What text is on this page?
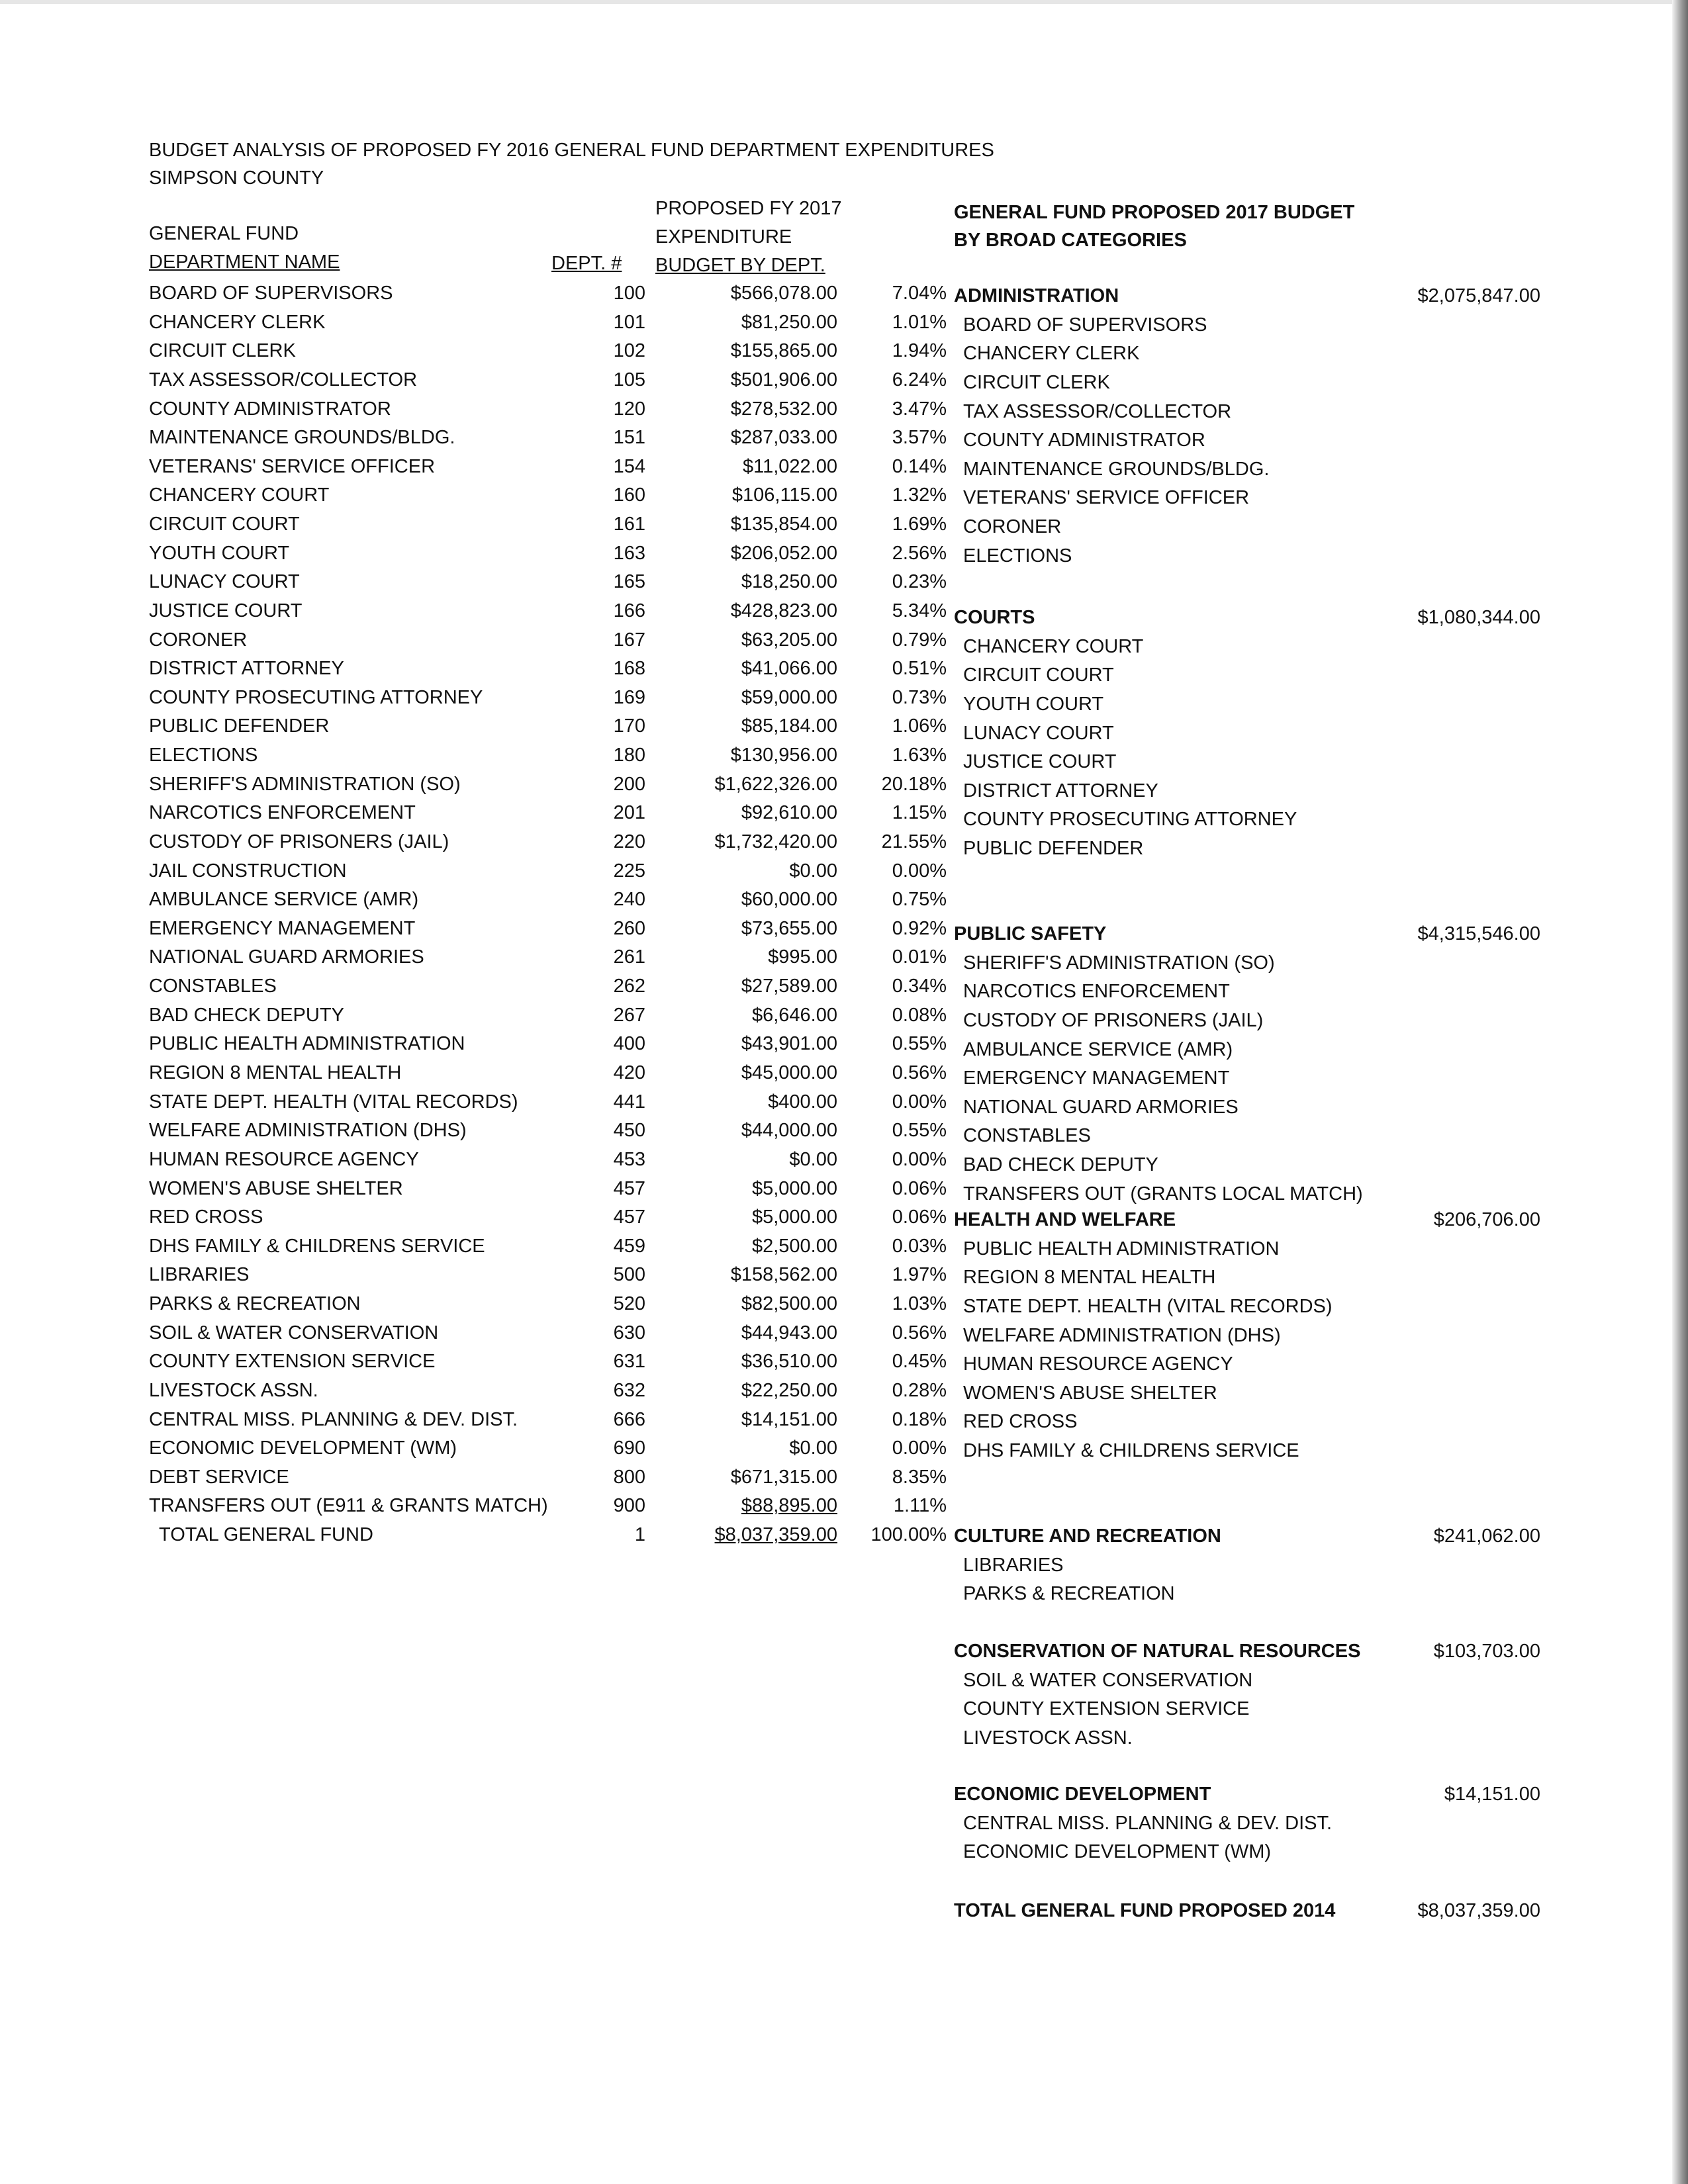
BUDGET ANALYSIS OF PROPOSED FY 2016 GENERAL FUND DEPARTMENT EXPENDITURES
SIMPSON COUNTY
GENERAL FUND
DEPARTMENT NAME	DEPT. #
PROPOSED FY 2017
EXPENDITURE
BUDGET BY DEPT.
BOARD OF SUPERVISORS	100	$566,078.00	7.04%
CHANCERY CLERK	101	$81,250.00	1.01%
CIRCUIT CLERK	102	$155,865.00	1.94%
TAX ASSESSOR/COLLECTOR	105	$501,906.00	6.24%
COUNTY ADMINISTRATOR	120	$278,532.00	3.47%
MAINTENANCE GROUNDS/BLDG.	151	$287,033.00	3.57%
VETERANS' SERVICE OFFICER	154	$11,022.00	0.14%
CHANCERY COURT	160	$106,115.00	1.32%
CIRCUIT COURT	161	$135,854.00	1.69%
YOUTH COURT	163	$206,052.00	2.56%
LUNACY COURT	165	$18,250.00	0.23%
JUSTICE COURT	166	$428,823.00	5.34%
CORONER	167	$63,205.00	0.79%
DISTRICT ATTORNEY	168	$41,066.00	0.51%
COUNTY PROSECUTING ATTORNEY	169	$59,000.00	0.73%
PUBLIC DEFENDER	170	$85,184.00	1.06%
ELECTIONS	180	$130,956.00	1.63%
SHERIFF'S ADMINISTRATION (SO)	200	$1,622,326.00	20.18%
NARCOTICS ENFORCEMENT	201	$92,610.00	1.15%
CUSTODY OF PRISONERS (JAIL)	220	$1,732,420.00	21.55%
JAIL CONSTRUCTION	225	$0.00	0.00%
AMBULANCE SERVICE (AMR)	240	$60,000.00	0.75%
EMERGENCY MANAGEMENT	260	$73,655.00	0.92%
NATIONAL GUARD ARMORIES	261	$995.00	0.01%
CONSTABLES	262	$27,589.00	0.34%
BAD CHECK DEPUTY	267	$6,646.00	0.08%
PUBLIC HEALTH ADMINISTRATION	400	$43,901.00	0.55%
REGION 8 MENTAL HEALTH	420	$45,000.00	0.56%
STATE DEPT. HEALTH (VITAL RECORDS)	441	$400.00	0.00%
WELFARE ADMINISTRATION (DHS)	450	$44,000.00	0.55%
HUMAN RESOURCE AGENCY	453	$0.00	0.00%
WOMEN'S ABUSE SHELTER	457	$5,000.00	0.06%
RED CROSS	457	$5,000.00	0.06%
DHS FAMILY & CHILDRENS SERVICE	459	$2,500.00	0.03%
LIBRARIES	500	$158,562.00	1.97%
PARKS & RECREATION	520	$82,500.00	1.03%
SOIL & WATER CONSERVATION	630	$44,943.00	0.56%
COUNTY EXTENSION SERVICE	631	$36,510.00	0.45%
LIVESTOCK ASSN.	632	$22,250.00	0.28%
CENTRAL MISS. PLANNING & DEV. DIST.	666	$14,151.00	0.18%
ECONOMIC DEVELOPMENT (WM)	690	$0.00	0.00%
DEBT SERVICE	800	$671,315.00	8.35%
TRANSFERS OUT (E911 & GRANTS MATCH)	900	$88,895.00	1.11%
TOTAL GENERAL FUND	1	$8,037,359.00	100.00%
GENERAL FUND PROPOSED 2017 BUDGET
BY BROAD CATEGORIES
ADMINISTRATION	$2,075,847.00
BOARD OF SUPERVISORS
CHANCERY CLERK
CIRCUIT CLERK
TAX ASSESSOR/COLLECTOR
COUNTY ADMINISTRATOR
MAINTENANCE GROUNDS/BLDG.
VETERANS' SERVICE OFFICER
CORONER
ELECTIONS
COURTS	$1,080,344.00
CHANCERY COURT
CIRCUIT COURT
YOUTH COURT
LUNACY COURT
JUSTICE COURT
DISTRICT ATTORNEY
COUNTY PROSECUTING ATTORNEY
PUBLIC DEFENDER
PUBLIC SAFETY	$4,315,546.00
SHERIFF'S ADMINISTRATION (SO)
NARCOTICS ENFORCEMENT
CUSTODY OF PRISONERS (JAIL)
AMBULANCE SERVICE (AMR)
EMERGENCY MANAGEMENT
NATIONAL GUARD ARMORIES
CONSTABLES
BAD CHECK DEPUTY
TRANSFERS OUT (GRANTS LOCAL MATCH)
HEALTH AND WELFARE	$206,706.00
PUBLIC HEALTH ADMINISTRATION
REGION 8 MENTAL HEALTH
STATE DEPT. HEALTH (VITAL RECORDS)
WELFARE ADMINISTRATION (DHS)
HUMAN RESOURCE AGENCY
WOMEN'S ABUSE SHELTER
RED CROSS
DHS FAMILY & CHILDRENS SERVICE
CULTURE AND RECREATION	$241,062.00
LIBRARIES
PARKS & RECREATION
CONSERVATION OF NATURAL RESOURCES	$103,703.00
SOIL & WATER CONSERVATION
COUNTY EXTENSION SERVICE
LIVESTOCK ASSN.
ECONOMIC DEVELOPMENT	$14,151.00
CENTRAL MISS. PLANNING & DEV. DIST.
ECONOMIC DEVELOPMENT (WM)
TOTAL GENERAL FUND PROPOSED 2014	$8,037,359.00
